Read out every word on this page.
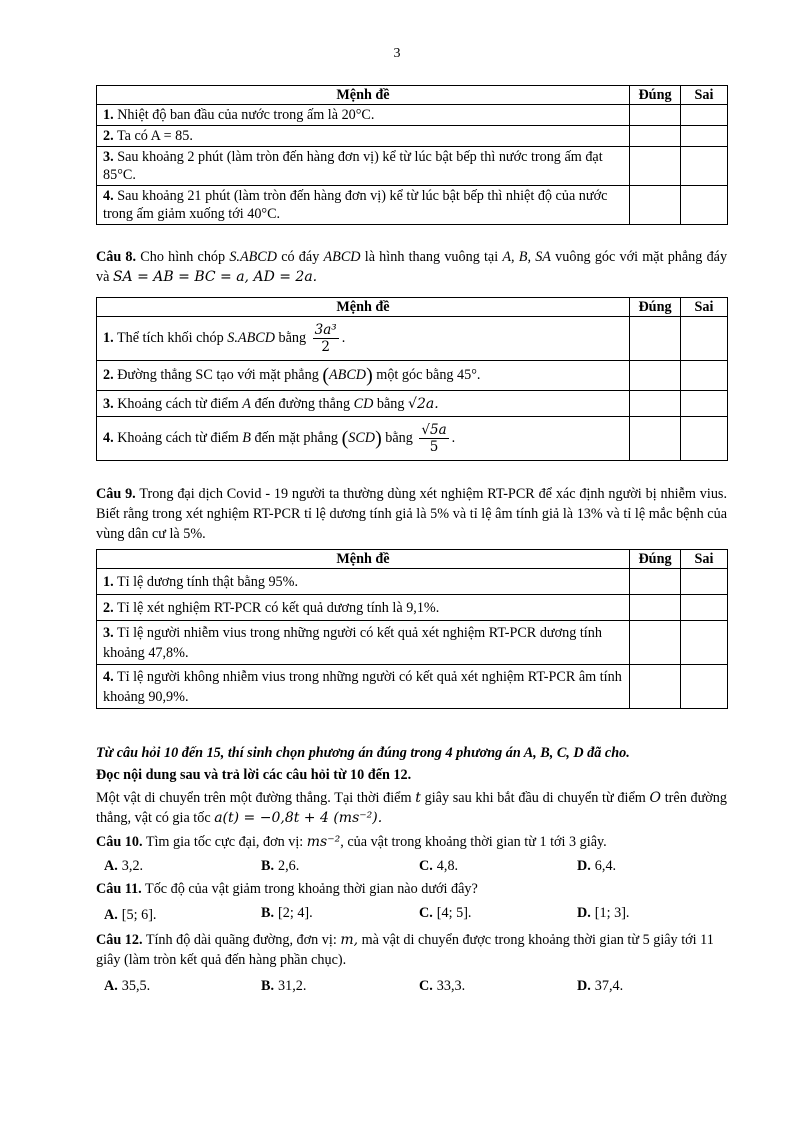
3
Mệnh đề	Đúng	Sai
1. Nhiệt độ ban đầu của nước trong ấm là 20°C.		
2. Ta có A = 85.		
3. Sau khoảng 2 phút (làm tròn đến hàng đơn vị) kể từ lúc bật bếp thì nước trong ấm đạt 85°C.		
4. Sau khoảng 21 phút (làm tròn đến hàng đơn vị) kể từ lúc bật bếp thì nhiệt độ của nước trong ấm giảm xuống tới 40°C.		
Câu 8. Cho hình chóp S.ABCD có đáy ABCD là hình thang vuông tại A, B, SA vuông góc với mặt phẳng đáy và SA = AB = BC = a, AD = 2a.
Mệnh đề	Đúng	Sai
1. Thể tích khối chóp S.ABCD bằng $\frac{\text{3a³}}{2}$ .		
2. Đường thẳng SC tạo với mặt phẳng (ABCD) một góc bằng 45°.		
3. Khoảng cách từ điểm A đến đường thẳng CD bằng √2a.		
4. Khoảng cách từ điểm B đến mặt phẳng (SCD) bằng $\frac{√5a}{5}$ .		
Câu 9. Trong đại dịch Covid - 19 người ta thường dùng xét nghiệm RT-PCR để xác định người bị nhiễm vius. Biết rằng trong xét nghiệm RT-PCR tỉ lệ dương tính giả là 5% và tỉ lệ âm tính giả là 13% và tỉ lệ mắc bệnh của vùng dân cư là 5%.
Mệnh đề	Đúng	Sai
1. Tỉ lệ dương tính thật bằng 95%.		
2. Tỉ lệ xét nghiệm RT-PCR có kết quả dương tính là 9,1%.		
3. Tỉ lệ người nhiễm vius trong những người có kết quả xét nghiệm RT-PCR dương tính khoảng 47,8%.		
4. Tỉ lệ người không nhiễm vius trong những người có kết quả xét nghiệm RT-PCR âm tính khoảng 90,9%.		
Từ câu hỏi 10 đến 15, thí sinh chọn phương án đúng trong 4 phương án A, B, C, D đã cho.
Đọc nội dung sau và trả lời các câu hỏi từ 10 đến 12.
Một vật di chuyển trên một đường thẳng. Tại thời điểm t giây sau khi bắt đầu di chuyển từ điểm O trên đường thẳng, vật có gia tốc a(t) = −0,8t + 4 (ms⁻²).
Câu 10. Tìm gia tốc cực đại, đơn vị: ms⁻², của vật trong khoảng thời gian từ 1 tới 3 giây.
A. 3,2.	B. 2,6.	C. 4,8.	D. 6,4.
Câu 11. Tốc độ của vật giảm trong khoảng thời gian nào dưới đây?
A. [5; 6].	B. [2; 4].	C. [4; 5].	D. [1; 3].
Câu 12. Tính độ dài quãng đường, đơn vị: m, mà vật di chuyển được trong khoảng thời gian từ 5 giây tới 11 giây (làm tròn kết quả đến hàng phần chục).
A. 35,5.	B. 31,2.	C. 33,3.	D. 37,4.
